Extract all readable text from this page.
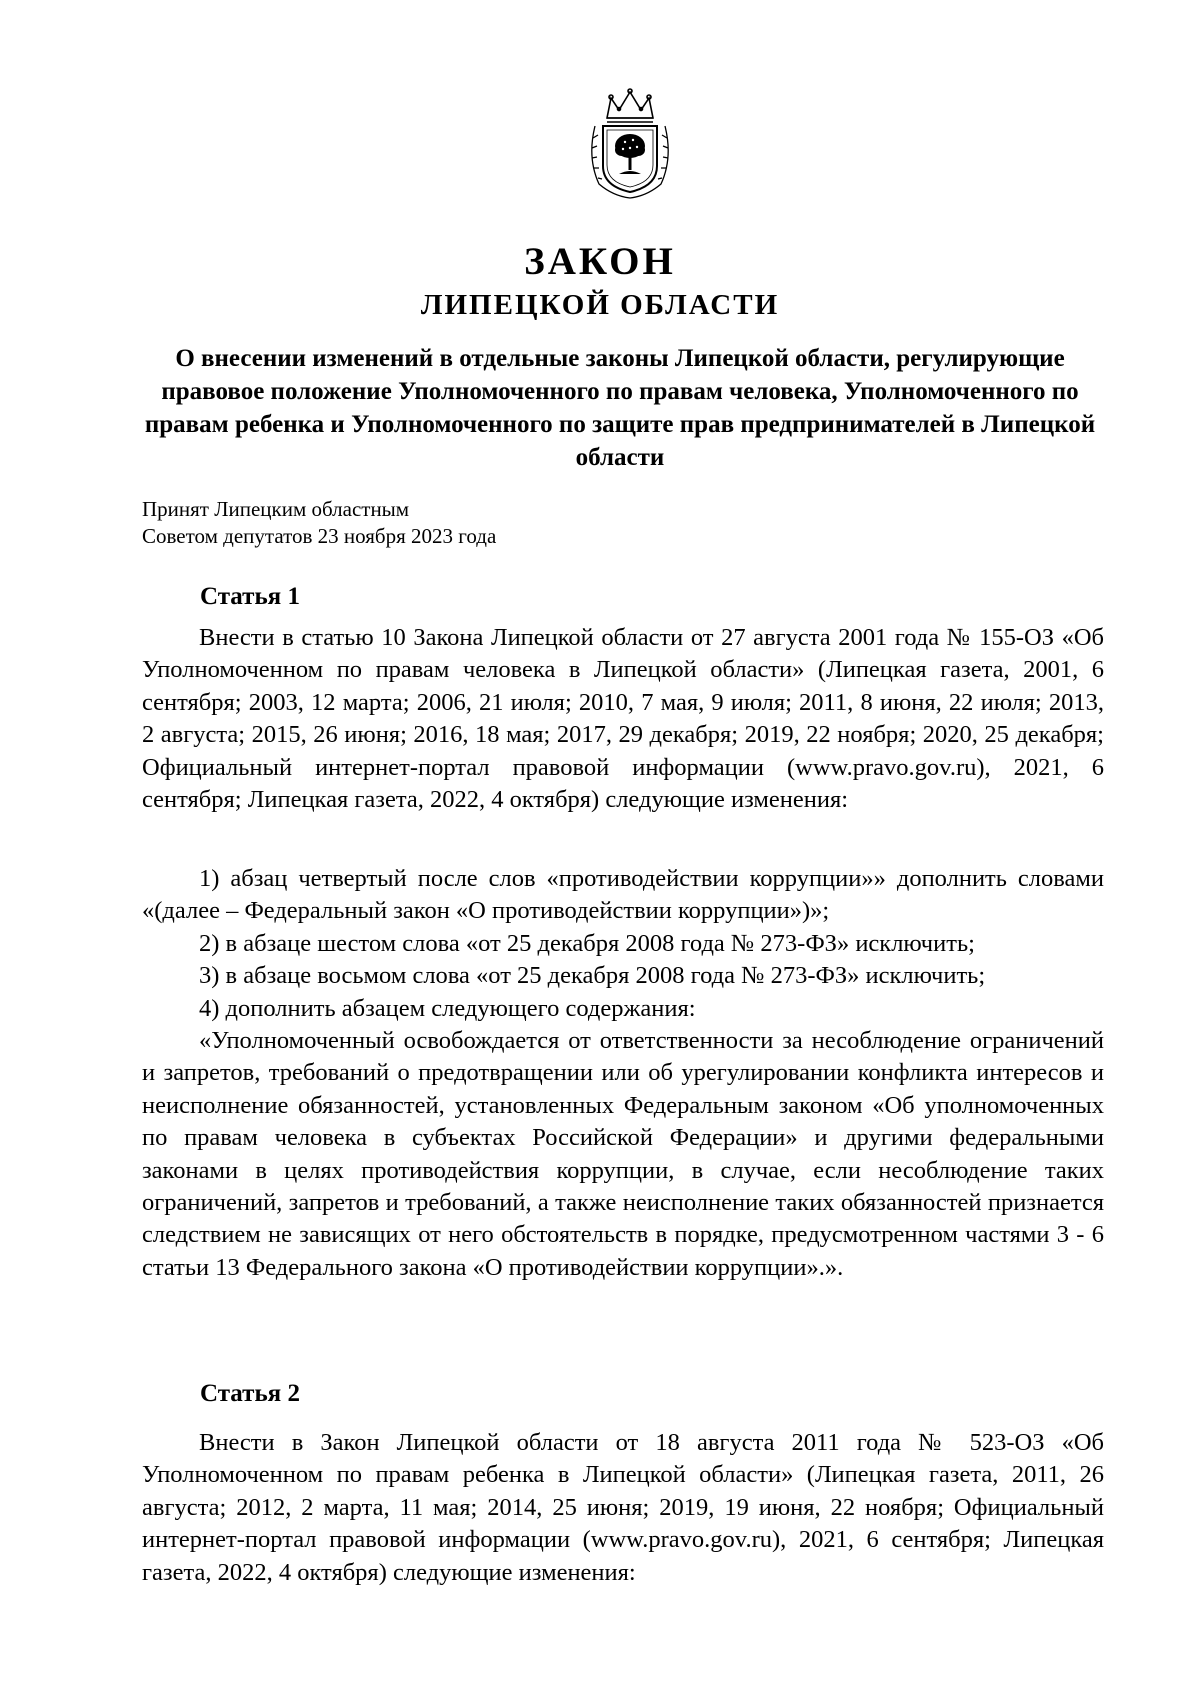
ЗАКОН
ЛИПЕЦКОЙ ОБЛАСТИ
О внесении изменений в отдельные законы Липецкой области, регулирующие правовое положение Уполномоченного по правам человека, Уполномоченного по правам ребенка и Уполномоченного по защите прав предпринимателей в Липецкой области
Принят Липецким областным
Советом депутатов 23 ноября 2023 года
Статья 1

Внести в статью 10 Закона Липецкой области от 27 августа 2001 года № 155-ОЗ «Об Уполномоченном по правам человека в Липецкой области» (Липецкая газета, 2001, 6 сентября; 2003, 12 марта; 2006, 21 июля; 2010, 7 мая, 9 июля; 2011, 8 июня, 22 июля; 2013, 2 августа; 2015, 26 июня; 2016, 18 мая; 2017, 29 декабря; 2019, 22 ноября; 2020, 25 декабря; Официальный интернет-портал правовой информации (www.pravo.gov.ru), 2021, 6 сентября; Липецкая газета, 2022, 4 октября) следующие изменения:

1) абзац четвертый после слов «противодействии коррупции»» дополнить словами «(далее – Федеральный закон «О противодействии коррупции»)»;

2) в абзаце шестом слова «от 25 декабря 2008 года № 273-ФЗ» исключить;

3) в абзаце восьмом слова «от 25 декабря 2008 года № 273-ФЗ» исключить;

4) дополнить абзацем следующего содержания:

«Уполномоченный освобождается от ответственности за несоблюдение ограничений и запретов, требований о предотвращении или об урегулировании конфликта интересов и неисполнение обязанностей, установленных Федеральным законом «Об уполномоченных по правам человека в субъектах Российской Федерации» и другими федеральными законами в целях противодействия коррупции, в случае, если несоблюдение таких ограничений, запретов и требований, а также неисполнение таких обязанностей признается следствием не зависящих от него обстоятельств в порядке, предусмотренном частями 3 - 6 статьи 13 Федерального закона «О противодействии коррупции».».

Статья 2

Внести в Закон Липецкой области от 18 августа 2011 года № 523-ОЗ «Об Уполномоченном по правам ребенка в Липецкой области» (Липецкая газета, 2011, 26 августа; 2012, 2 марта, 11 мая; 2014, 25 июня; 2019, 19 июня, 22 ноября; Официальный интернет-портал правовой информации (www.pravo.gov.ru), 2021, 6 сентября; Липецкая газета, 2022, 4 октября) следующие изменения:
